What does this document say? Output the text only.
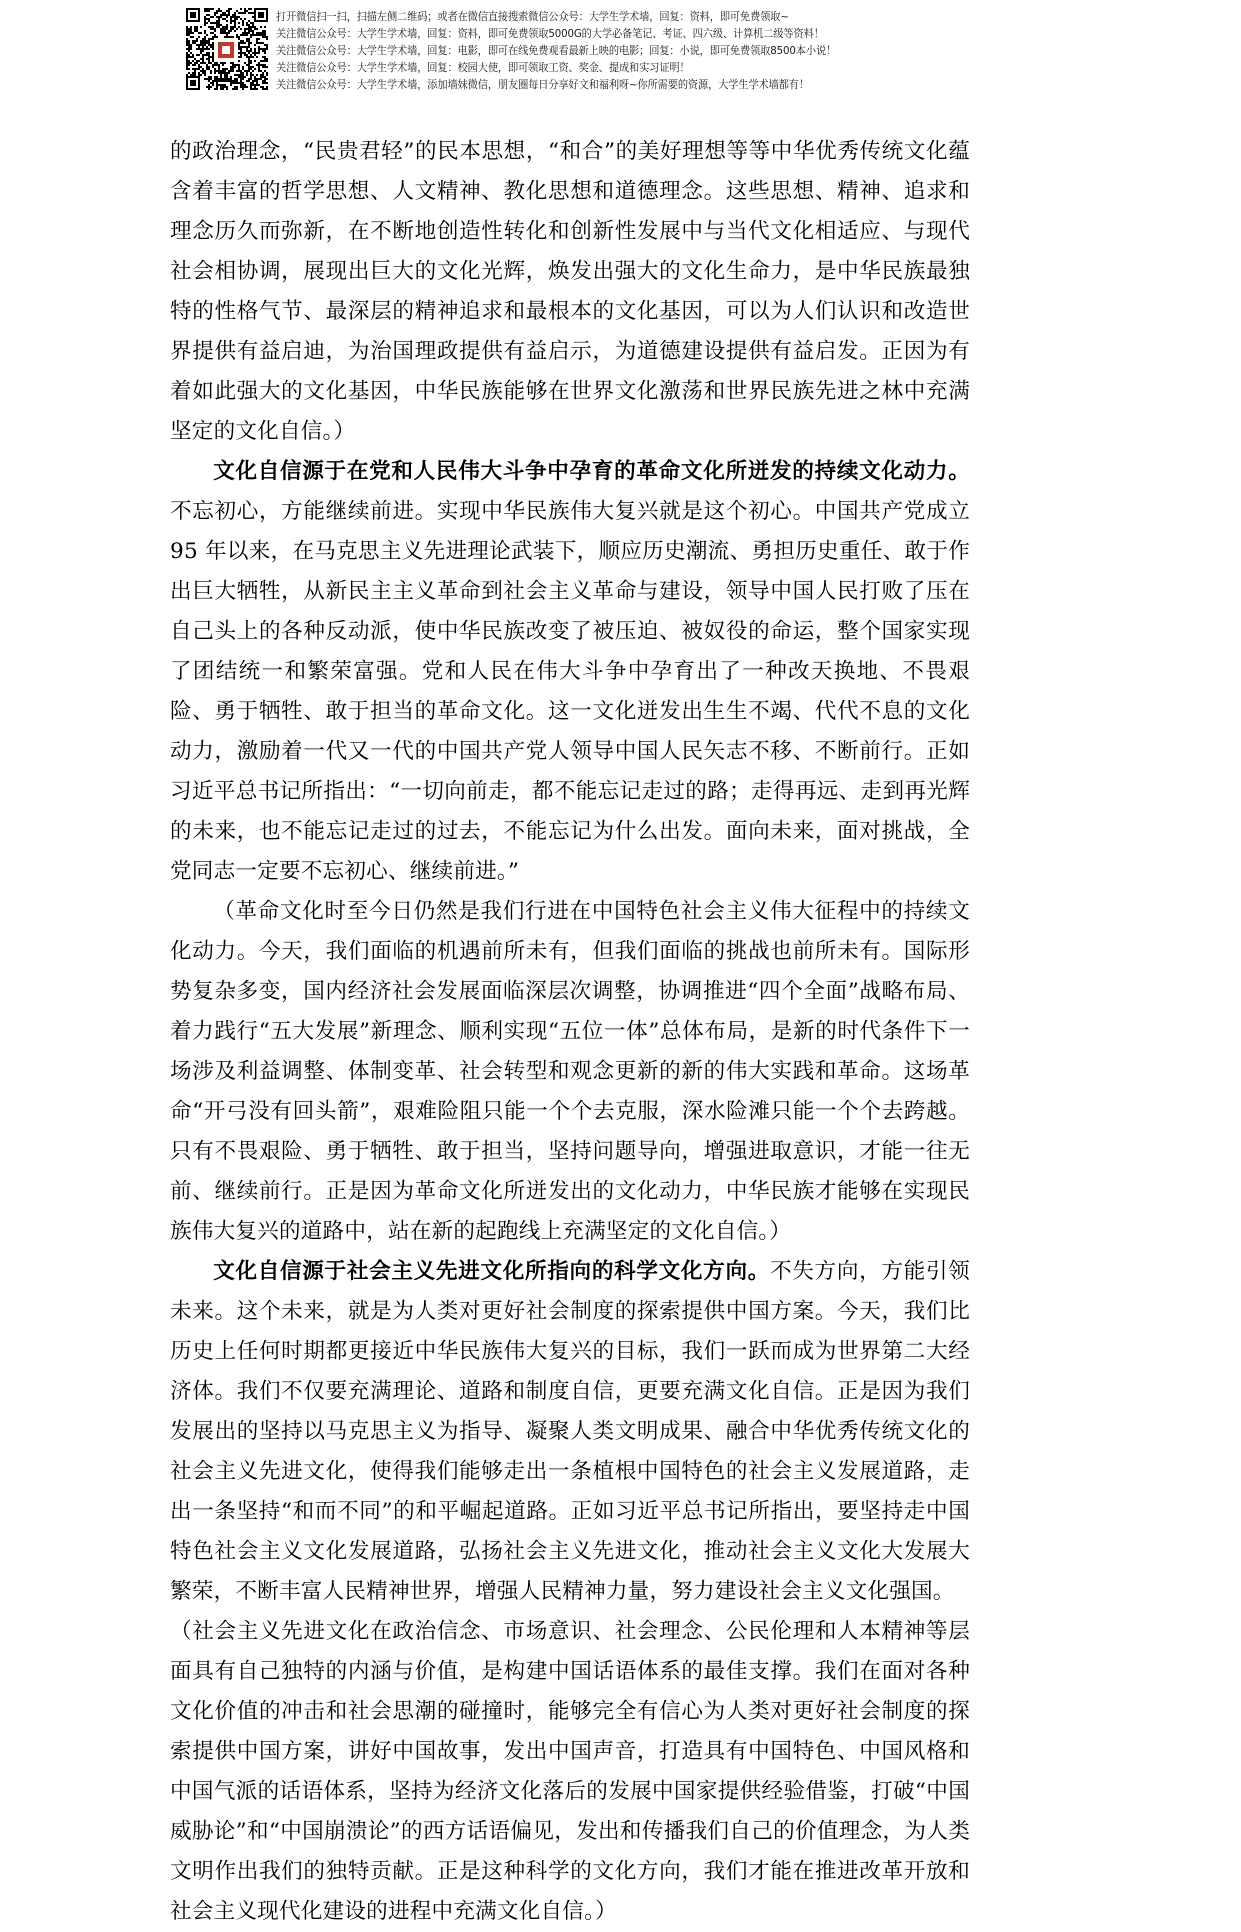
打开微信扫一扫，扫描左侧二维码；或者在微信直接搜索微信公众号：大学生学术墙，回复：资料，即可免费领取~
关注微信公众号：大学生学术墙，回复：资料，即可免费领取5000G的大学必备笔记、考证、四六级、计算机二级等资料！
关注微信公众号：大学生学术墙，回复：电影，即可在线免费观看最新上映的电影；回复：小说，即可免费领取8500本小说！
关注微信公众号：大学生学术墙，回复：校园大使，即可领取工资、奖金、提成和实习证明！
关注微信公众号：大学生学术墙，添加墙妹微信，朋友圈每日分享好文和福利呀~你所需要的资源，大学生学术墙都有！

的政治理念，“民贵君轻”的民本思想，“和合”的美好理想等等中华优秀传统文化蕴含着丰富的哲学思想、人文精神、教化思想和道德理念。这些思想、精神、追求和理念历久而弥新，在不断地创造性转化和创新性发展中与当代文化相适应、与现代社会相协调，展现出巨大的文化光辉，焕发出强大的文化生命力，是中华民族最独特的性格气节、最深层的精神追求和最根本的文化基因，可以为人们认识和改造世界提供有益启迪，为治国理政提供有益启示，为道德建设提供有益启发。正因为有着如此强大的文化基因，中华民族能够在世界文化激荡和世界民族先进之林中充满坚定的文化自信。）

文化自信源于在党和人民伟大斗争中孕育的革命文化所迸发的持续文化动力。不忘初心，方能继续前进。实现中华民族伟大复兴就是这个初心。中国共产党成立 95 年以来，在马克思主义先进理论武装下，顺应历史潮流、勇担历史重任、敢于作出巨大牺牲，从新民主主义革命到社会主义革命与建设，领导中国人民打败了压在自己头上的各种反动派，使中华民族改变了被压迫、被奴役的命运，整个国家实现了团结统一和繁荣富强。党和人民在伟大斗争中孕育出了一种改天换地、不畏艰险、勇于牺牲、敢于担当的革命文化。这一文化迸发出生生不竭、代代不息的文化动力，激励着一代又一代的中国共产党人领导中国人民矢志不移、不断前行。正如习近平总书记所指出：“一切向前走，都不能忘记走过的路；走得再远、走到再光辉的未来，也不能忘记走过的过去，不能忘记为什么出发。面向未来，面对挑战，全党同志一定要不忘初心、继续前进。”

（革命文化时至今日仍然是我们行进在中国特色社会主义伟大征程中的持续文化动力。今天，我们面临的机遇前所未有，但我们面临的挑战也前所未有。国际形势复杂多变，国内经济社会发展面临深层次调整，协调推进“四个全面”战略布局、着力践行“五大发展”新理念、顺利实现“五位一体”总体布局，是新的时代条件下一场涉及利益调整、体制变革、社会转型和观念更新的新的伟大实践和革命。这场革命“开弓没有回头箭”，艰难险阻只能一个个去克服，深水险滩只能一个个去跨越。只有不畏艰险、勇于牺牲、敢于担当，坚持问题导向，增强进取意识，才能一往无前、继续前行。正是因为革命文化所迸发出的文化动力，中华民族才能够在实现民族伟大复兴的道路中，站在新的起跑线上充满坚定的文化自信。）

文化自信源于社会主义先进文化所指向的科学文化方向。不失方向，方能引领未来。这个未来，就是为人类对更好社会制度的探索提供中国方案。今天，我们比历史上任何时期都更接近中华民族伟大复兴的目标，我们一跃而成为世界第二大经济体。我们不仅要充满理论、道路和制度自信，更要充满文化自信。正是因为我们发展出的坚持以马克思主义为指导、凝聚人类文明成果、融合中华优秀传统文化的社会主义先进文化，使得我们能够走出一条植根中国特色的社会主义发展道路，走出一条坚持“和而不同”的和平崛起道路。正如习近平总书记所指出，要坚持走中国特色社会主义文化发展道路，弘扬社会主义先进文化，推动社会主义文化大发展大繁荣，不断丰富人民精神世界，增强人民精神力量，努力建设社会主义文化强国。

（社会主义先进文化在政治信念、市场意识、社会理念、公民伦理和人本精神等层面具有自己独特的内涵与价值，是构建中国话语体系的最佳支撑。我们在面对各种文化价值的冲击和社会思潮的碰撞时，能够完全有信心为人类对更好社会制度的探索提供中国方案，讲好中国故事，发出中国声音，打造具有中国特色、中国风格和中国气派的话语体系，坚持为经济文化落后的发展中国家提供经验借鉴，打破“中国威胁论”和“中国崩溃论”的西方话语偏见，发出和传播我们自己的价值理念，为人类文明作出我们的独特贡献。正是这种科学的文化方向，我们才能在推进改革开放和社会主义现代化建设的进程中充满文化自信。）
